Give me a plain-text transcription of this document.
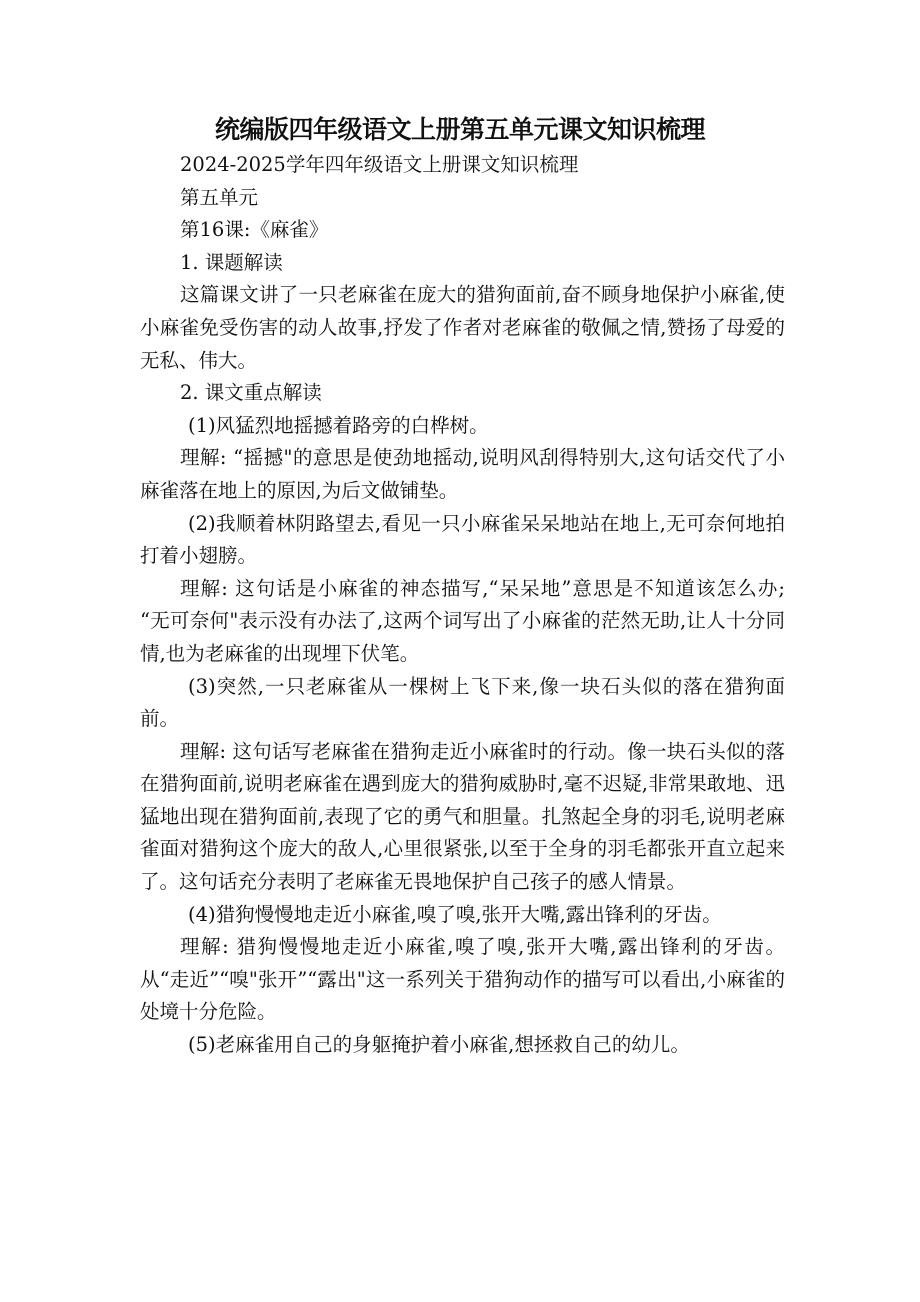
统编版四年级语文上册第五单元课文知识梳理

2024-2025学年四年级语文上册课文知识梳理

第五单元

第16课:《麻雀》

1. 课题解读

这篇课文讲了一只老麻雀在庞大的猎狗面前,奋不顾身地保护小麻雀,使小麻雀免受伤害的动人故事,抒发了作者对老麻雀的敬佩之情,赞扬了母爱的无私、伟大。

2. 课文重点解读

(1)风猛烈地摇撼着路旁的白桦树。

理解: “摇撼"的意思是使劲地摇动,说明风刮得特别大,这句话交代了小麻雀落在地上的原因,为后文做铺垫。

(2)我顺着林阴路望去,看见一只小麻雀呆呆地站在地上,无可奈何地拍打着小翅膀。

理解: 这句话是小麻雀的神态描写,“呆呆地”意思是不知道该怎么办; “无可奈何"表示没有办法了,这两个词写出了小麻雀的茫然无助,让人十分同情,也为老麻雀的出现埋下伏笔。

(3)突然,一只老麻雀从一棵树上飞下来,像一块石头似的落在猎狗面前。

理解: 这句话写老麻雀在猎狗走近小麻雀时的行动。像一块石头似的落在猎狗面前,说明老麻雀在遇到庞大的猎狗威胁时,毫不迟疑,非常果敢地、迅猛地出现在猎狗面前,表现了它的勇气和胆量。扎煞起全身的羽毛,说明老麻雀面对猎狗这个庞大的敌人,心里很紧张,以至于全身的羽毛都张开直立起来了。这句话充分表明了老麻雀无畏地保护自己孩子的感人情景。

(4)猎狗慢慢地走近小麻雀,嗅了嗅,张开大嘴,露出锋利的牙齿。

理解: 猎狗慢慢地走近小麻雀,嗅了嗅,张开大嘴,露出锋利的牙齿。从“走近”“嗅"张开”“露出"这一系列关于猎狗动作的描写可以看出,小麻雀的处境十分危险。

(5)老麻雀用自己的身躯掩护着小麻雀,想拯救自己的幼儿。
